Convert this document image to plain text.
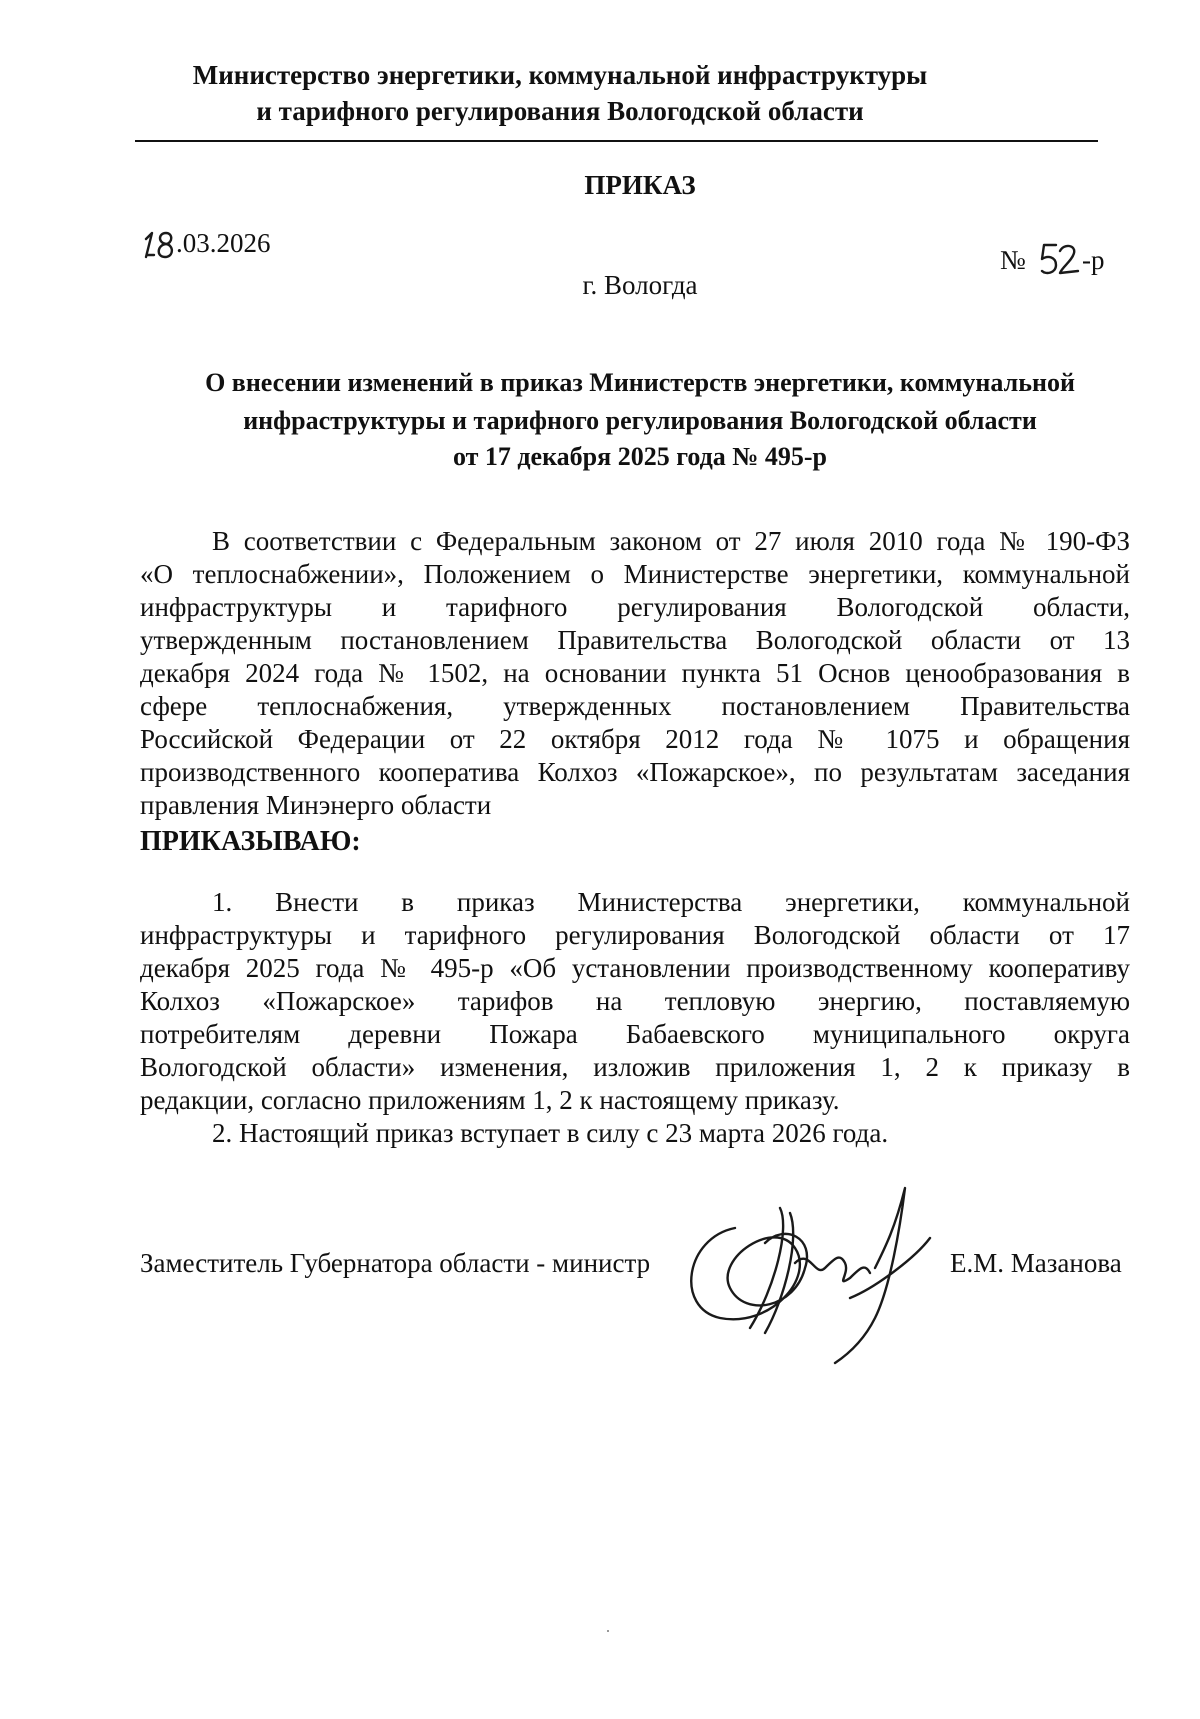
Министерство энергетики, коммунальной инфраструктуры
и тарифного регулирования Вологодской области
ПРИКАЗ
.03.2026
№ -р
г. Вологда
О внесении изменений в приказ Министерств энергетики, коммунальной
инфраструктуры и тарифного регулирования Вологодской области
от 17 декабря 2025 года № 495-р
В соответствии с Федеральным законом от 27 июля 2010 года № 190-ФЗ
«О теплоснабжении», Положением о Министерстве энергетики, коммунальной
инфраструктуры и тарифного регулирования Вологодской области,
утвержденным постановлением Правительства Вологодской области от 13
декабря 2024 года № 1502, на основании пункта 51 Основ ценообразования в
сфере теплоснабжения, утвержденных постановлением Правительства
Российской Федерации от 22 октября 2012 года № 1075 и обращения
производственного кооператива Колхоз «Пожарское», по результатам заседания
правления Минэнерго области
ПРИКАЗЫВАЮ:
1. Внести в приказ Министерства энергетики, коммунальной
инфраструктуры и тарифного регулирования Вологодской области от 17
декабря 2025 года № 495-р «Об установлении производственному кооперативу
Колхоз «Пожарское» тарифов на тепловую энергию, поставляемую
потребителям деревни Пожара Бабаевского муниципального округа
Вологодской области» изменения, изложив приложения 1, 2 к приказу в
редакции, согласно приложениям 1, 2 к настоящему приказу.
2. Настоящий приказ вступает в силу с 23 марта 2026 года.
Заместитель Губернатора области - министр	Е.М. Мазанова
